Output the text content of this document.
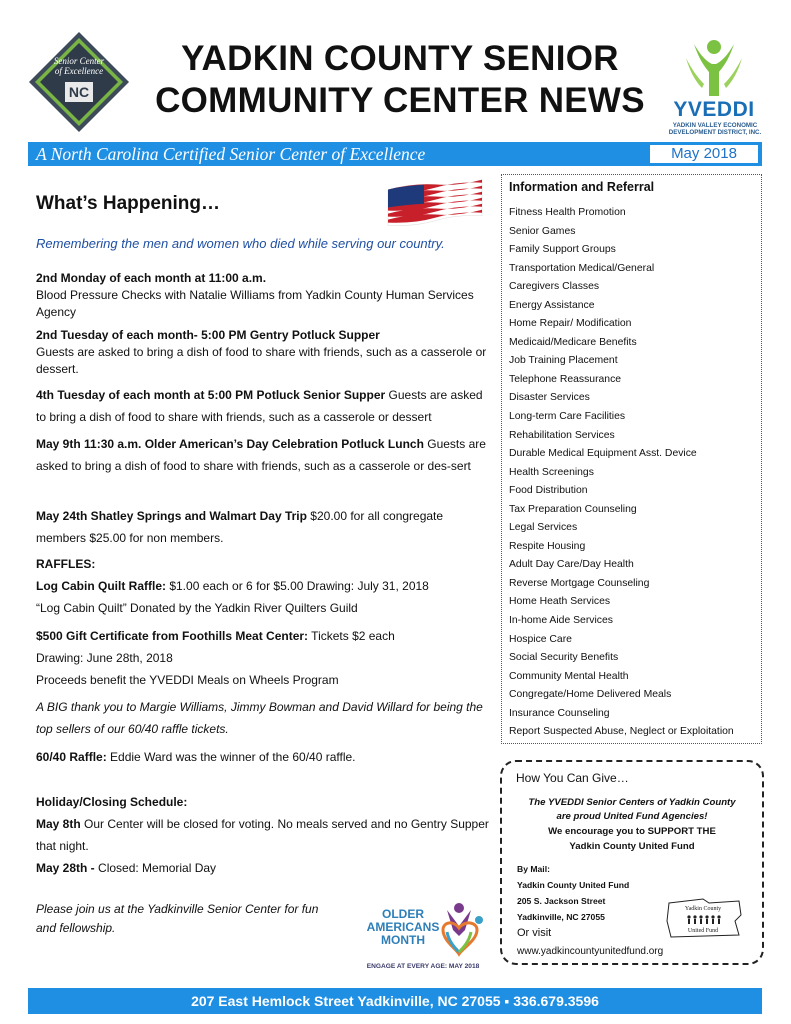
Senior Center
of Excellence
NC
YADKIN COUNTY SENIOR
COMMUNITY CENTER NEWS	YVEDDI
YADKIN VALLEY ECONOMIC DEVELOPMENT DISTRICT, INC.
A North Carolina Certified Senior Center of Excellence	May 2018
What’s Happening…
Remembering the men and women who died while serving our country.
2nd Monday of each month at 11:00 a.m.
Blood Pressure Checks with Natalie Williams from Yadkin County Human Services Agency
2nd Tuesday of each month- 5:00 PM Gentry Potluck Supper
Guests are asked to bring a dish of food to share with friends, such as a casserole or dessert.
4th Tuesday of each month at 5:00 PM Potluck Senior Supper Guests are asked to bring a dish of food to share with friends, such as a casserole or dessert
May 9th 11:30 a.m. Older American’s Day Celebration Potluck Lunch Guests are asked to bring a dish of food to share with friends, such as a casserole or des-sert
May 24th Shatley Springs and Walmart Day Trip $20.00 for all congregate members $25.00 for non members.
RAFFLES:
Log Cabin Quilt Raffle: $1.00 each or 6 for $5.00 Drawing: July 31, 2018
“Log Cabin Quilt” Donated by the Yadkin River Quilters Guild
$500 Gift Certificate from Foothills Meat Center: Tickets $2 each
Drawing: June 28th, 2018
Proceeds benefit the YVEDDI Meals on Wheels Program
A BIG thank you to Margie Williams, Jimmy Bowman and David Willard for being the top sellers of our 60/40 raffle tickets.
60/40 Raffle: Eddie Ward was the winner of the 60/40 raffle.
Holiday/Closing Schedule:
May 8th Our Center will be closed for voting. No meals served and no Gentry Supper that night.
May 28th - Closed: Memorial Day
Please join us at the Yadkinville Senior Center for fun and fellowship.
OLDER
AMERICANS
MONTH
ENGAGE AT EVERY AGE: MAY 2018
Information and Referral
Fitness Health Promotion
Senior Games
Family Support Groups
Transportation Medical/General
Caregivers Classes
Energy Assistance
Home Repair/ Modification
Medicaid/Medicare Benefits
Job Training Placement
Telephone Reassurance
Disaster Services
Long-term Care Facilities
Rehabilitation Services
Durable Medical Equipment Asst. Device
Health Screenings
Food Distribution
Tax Preparation Counseling
Legal Services
Respite Housing
Adult Day Care/Day Health
Reverse Mortgage Counseling
Home Heath Services
In-home Aide Services
Hospice Care
Social Security Benefits
Community Mental Health
Congregate/Home Delivered Meals
Insurance Counseling
Report Suspected Abuse, Neglect or Exploitation
How You Can Give…
The YVEDDI Senior Centers of Yadkin County
are proud United Fund Agencies!
We encourage you to SUPPORT THE
Yadkin County United Fund
By Mail:
Yadkin County United Fund
205 S. Jackson Street
Yadkinville, NC 27055
Or visit
www.yadkincountyunitedfund.org
Yadkin County
United Fund
207 East Hemlock Street Yadkinville, NC 27055 ▪ 336.679.3596
